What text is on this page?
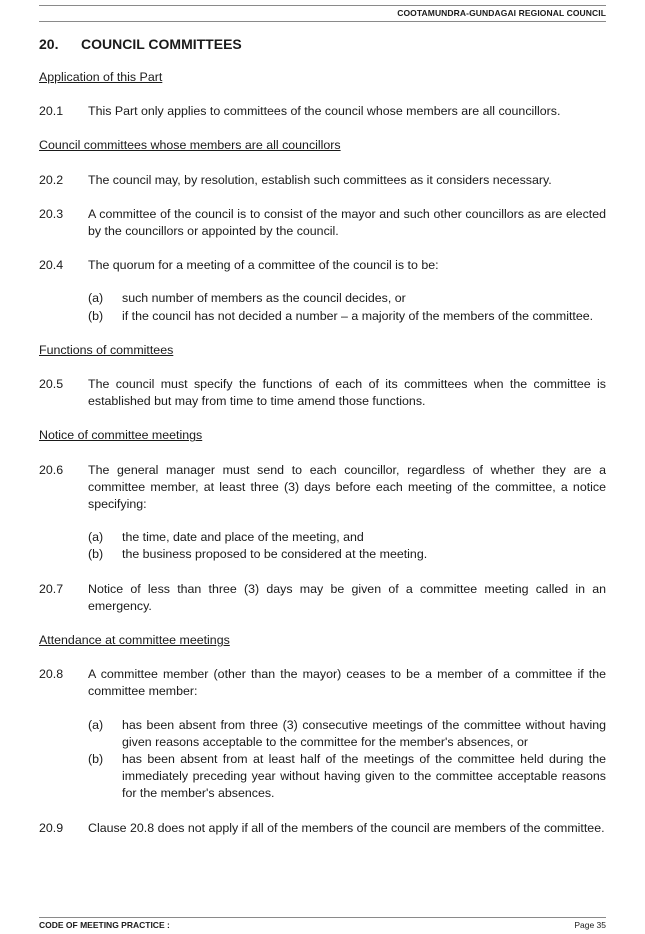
COOTAMUNDRA-GUNDAGAI REGIONAL COUNCIL
20. COUNCIL COMMITTEES
Application of this Part
20.1	This Part only applies to committees of the council whose members are all councillors.
Council committees whose members are all councillors
20.2	The council may, by resolution, establish such committees as it considers necessary.
20.3	A committee of the council is to consist of the mayor and such other councillors as are elected by the councillors or appointed by the council.
20.4	The quorum for a meeting of a committee of the council is to be:
(a)	such number of members as the council decides, or
(b)	if the council has not decided a number – a majority of the members of the committee.
Functions of committees
20.5	The council must specify the functions of each of its committees when the committee is established but may from time to time amend those functions.
Notice of committee meetings
20.6	The general manager must send to each councillor, regardless of whether they are a committee member, at least three (3) days before each meeting of the committee, a notice specifying:
(a)	the time, date and place of the meeting, and
(b)	the business proposed to be considered at the meeting.
20.7	Notice of less than three (3) days may be given of a committee meeting called in an emergency.
Attendance at committee meetings
20.8	A committee member (other than the mayor) ceases to be a member of a committee if the committee member:
(a)	has been absent from three (3) consecutive meetings of the committee without having given reasons acceptable to the committee for the member's absences, or
(b)	has been absent from at least half of the meetings of the committee held during the immediately preceding year without having given to the committee acceptable reasons for the member's absences.
20.9	Clause 20.8 does not apply if all of the members of the council are members of the committee.
CODE OF MEETING PRACTICE :	Page 35
